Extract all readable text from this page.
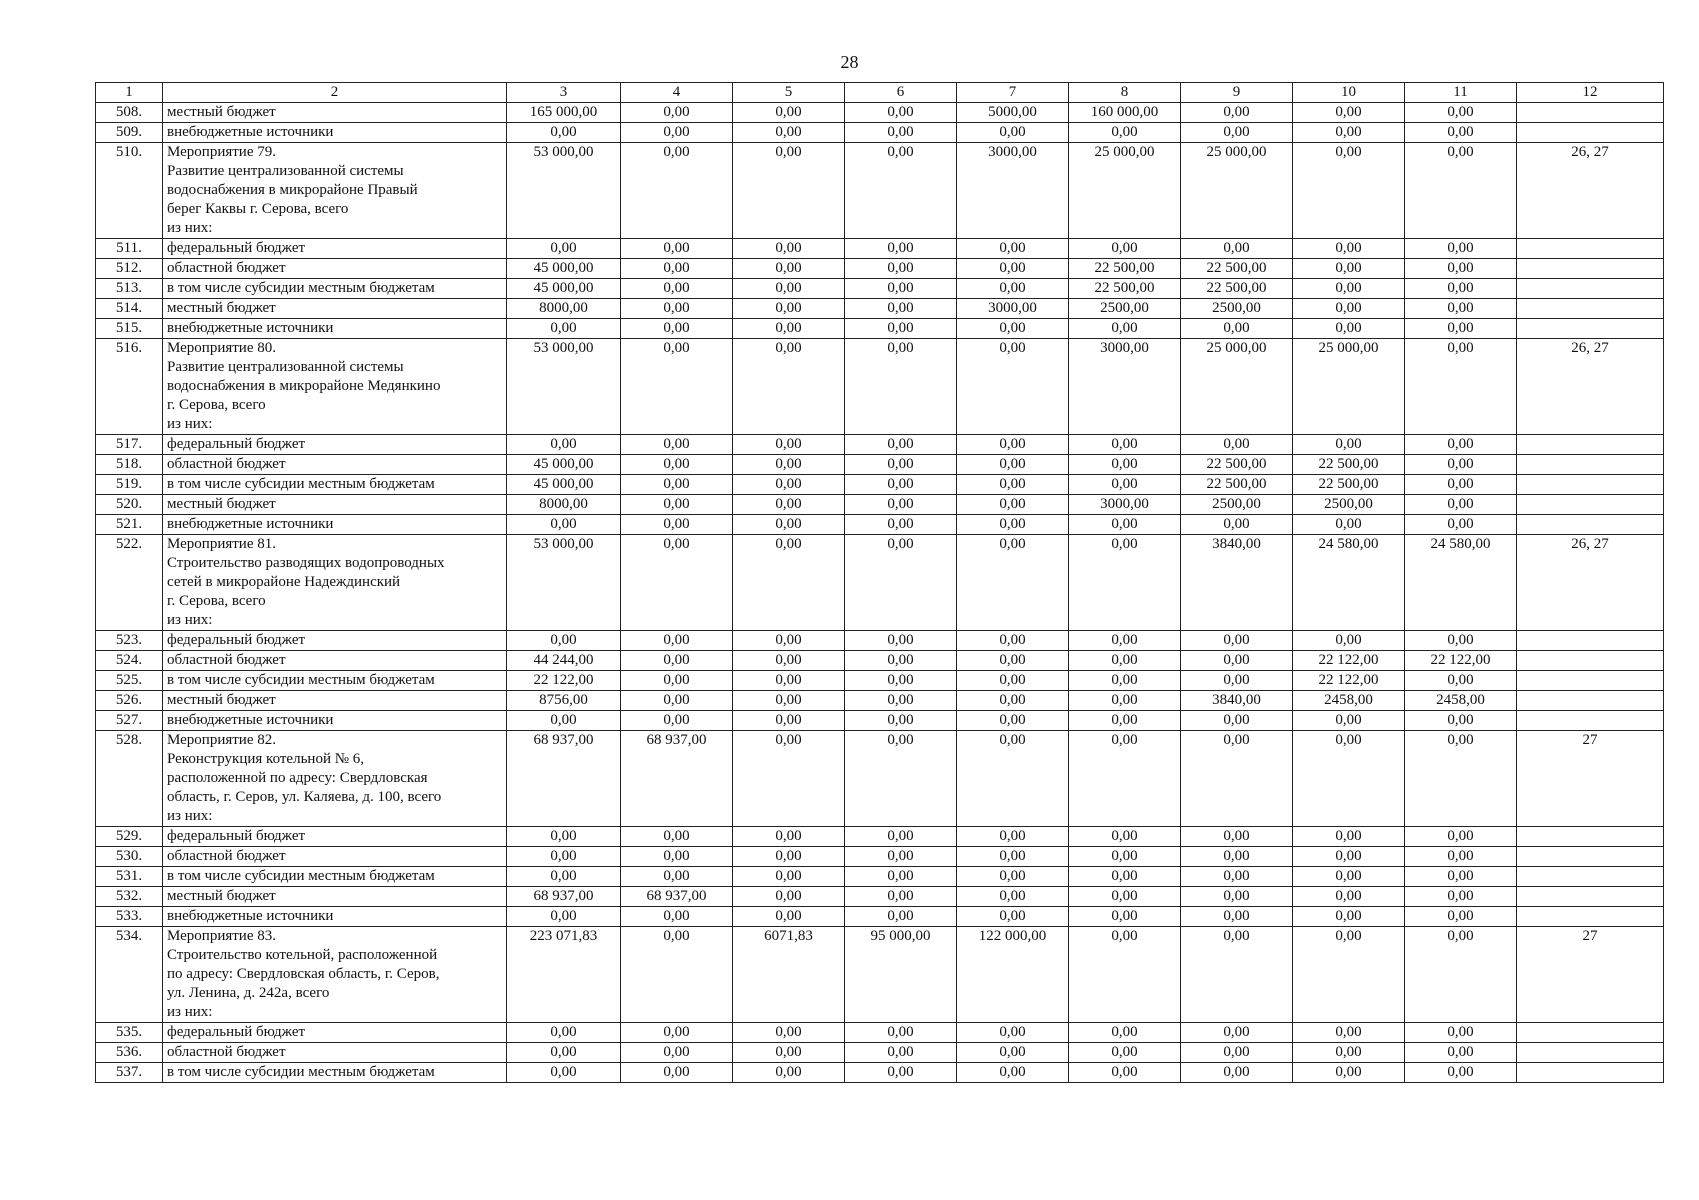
28
1	2	3	4	5	6	7	8	9	10	11	12
508.	местный бюджет	165 000,00	0,00	0,00	0,00	5000,00	160 000,00	0,00	0,00	0,00	
509.	внебюджетные источники	0,00	0,00	0,00	0,00	0,00	0,00	0,00	0,00	0,00	
510.	Мероприятие 79.
Развитие централизованной системы
водоснабжения в микрорайоне Правый
берег Каквы г. Серова, всего
из них:	53 000,00	0,00	0,00	0,00	3000,00	25 000,00	25 000,00	0,00	0,00	26, 27
511.	федеральный бюджет	0,00	0,00	0,00	0,00	0,00	0,00	0,00	0,00	0,00	
512.	областной бюджет	45 000,00	0,00	0,00	0,00	0,00	22 500,00	22 500,00	0,00	0,00	
513.	в том числе субсидии местным бюджетам	45 000,00	0,00	0,00	0,00	0,00	22 500,00	22 500,00	0,00	0,00	
514.	местный бюджет	8000,00	0,00	0,00	0,00	3000,00	2500,00	2500,00	0,00	0,00	
515.	внебюджетные источники	0,00	0,00	0,00	0,00	0,00	0,00	0,00	0,00	0,00	
516.	Мероприятие 80.
Развитие централизованной системы
водоснабжения в микрорайоне Медянкино
г. Серова, всего
из них:	53 000,00	0,00	0,00	0,00	0,00	3000,00	25 000,00	25 000,00	0,00	26, 27
517.	федеральный бюджет	0,00	0,00	0,00	0,00	0,00	0,00	0,00	0,00	0,00	
518.	областной бюджет	45 000,00	0,00	0,00	0,00	0,00	0,00	22 500,00	22 500,00	0,00	
519.	в том числе субсидии местным бюджетам	45 000,00	0,00	0,00	0,00	0,00	0,00	22 500,00	22 500,00	0,00	
520.	местный бюджет	8000,00	0,00	0,00	0,00	0,00	3000,00	2500,00	2500,00	0,00	
521.	внебюджетные источники	0,00	0,00	0,00	0,00	0,00	0,00	0,00	0,00	0,00	
522.	Мероприятие 81.
Строительство разводящих водопроводных
сетей в микрорайоне Надеждинский
г. Серова, всего
из них:	53 000,00	0,00	0,00	0,00	0,00	0,00	3840,00	24 580,00	24 580,00	26, 27
523.	федеральный бюджет	0,00	0,00	0,00	0,00	0,00	0,00	0,00	0,00	0,00	
524.	областной бюджет	44 244,00	0,00	0,00	0,00	0,00	0,00	0,00	22 122,00	22 122,00	
525.	в том числе субсидии местным бюджетам	22 122,00	0,00	0,00	0,00	0,00	0,00	0,00	22 122,00	0,00	
526.	местный бюджет	8756,00	0,00	0,00	0,00	0,00	0,00	3840,00	2458,00	2458,00	
527.	внебюджетные источники	0,00	0,00	0,00	0,00	0,00	0,00	0,00	0,00	0,00	
528.	Мероприятие 82.
Реконструкция котельной № 6,
расположенной по адресу: Свердловская
область, г. Серов, ул. Каляева, д. 100, всего
из них:	68 937,00	68 937,00	0,00	0,00	0,00	0,00	0,00	0,00	0,00	27
529.	федеральный бюджет	0,00	0,00	0,00	0,00	0,00	0,00	0,00	0,00	0,00	
530.	областной бюджет	0,00	0,00	0,00	0,00	0,00	0,00	0,00	0,00	0,00	
531.	в том числе субсидии местным бюджетам	0,00	0,00	0,00	0,00	0,00	0,00	0,00	0,00	0,00	
532.	местный бюджет	68 937,00	68 937,00	0,00	0,00	0,00	0,00	0,00	0,00	0,00	
533.	внебюджетные источники	0,00	0,00	0,00	0,00	0,00	0,00	0,00	0,00	0,00	
534.	Мероприятие 83.
Строительство котельной, расположенной
по адресу: Свердловская область, г. Серов,
ул. Ленина, д. 242а, всего
из них:	223 071,83	0,00	6071,83	95 000,00	122 000,00	0,00	0,00	0,00	0,00	27
535.	федеральный бюджет	0,00	0,00	0,00	0,00	0,00	0,00	0,00	0,00	0,00	
536.	областной бюджет	0,00	0,00	0,00	0,00	0,00	0,00	0,00	0,00	0,00	
537.	в том числе субсидии местным бюджетам	0,00	0,00	0,00	0,00	0,00	0,00	0,00	0,00	0,00	
